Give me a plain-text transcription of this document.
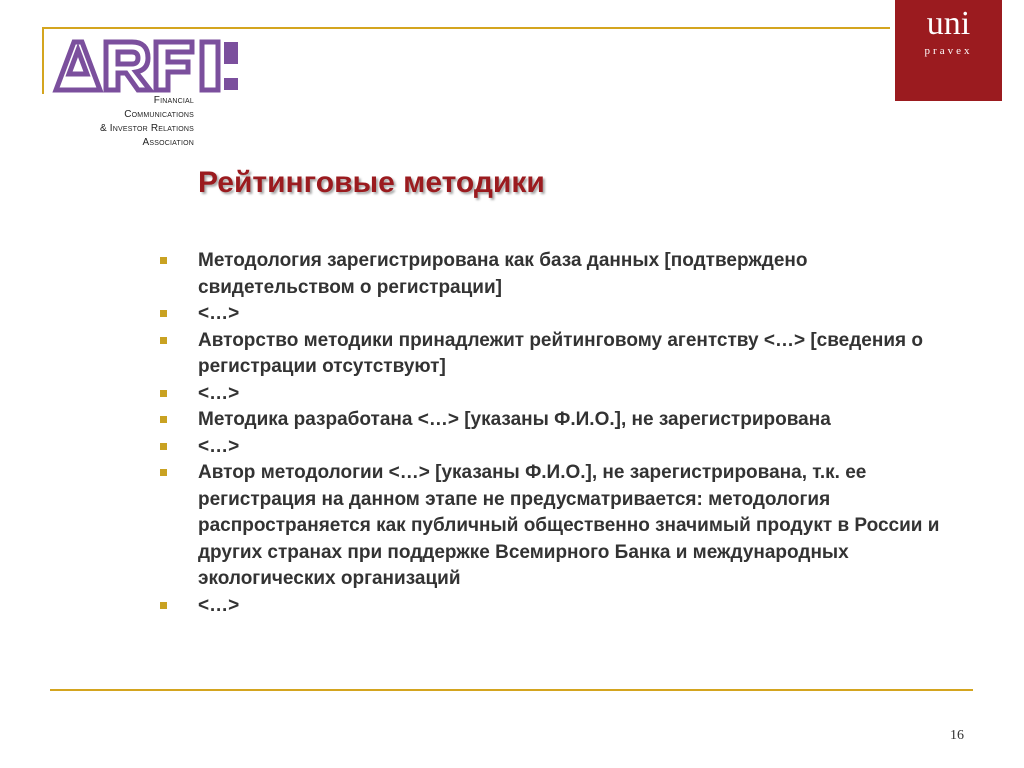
Financial
Communications
& Investor Relations
Association
uni
pravex
Рейтинговые методики
Методология зарегистрирована как база данных [подтверждено свидетельством о регистрации]
<…>
Авторство методики принадлежит рейтинговому агентству <…> [сведения о регистрации отсутствуют]
<…>
Методика разработана <…> [указаны Ф.И.О.], не зарегистрирована
<…>
Автор методологии <…> [указаны Ф.И.О.], не зарегистрирована, т.к. ее регистрация на данном этапе не предусматривается: методология распространяется как публичный общественно значимый продукт в России и других странах при поддержке Всемирного Банка и международных экологических организаций
<…>
16
